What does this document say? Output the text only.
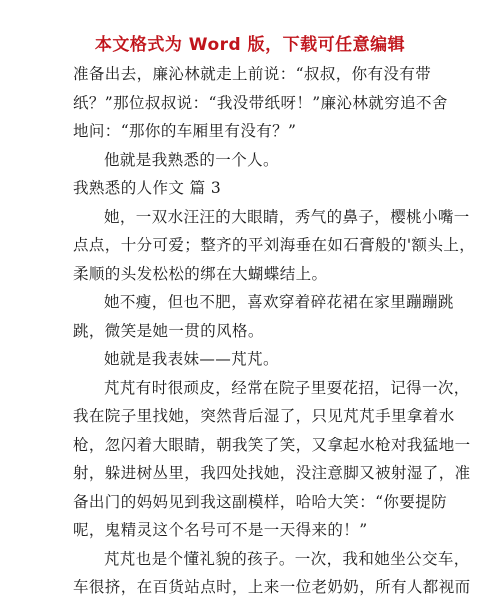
本文格式为 Word 版，下载可任意编辑
准备出去，廉沁林就走上前说：“叔叔，你有没有带
纸？”那位叔叔说：“我没带纸呀！”廉沁林就穷追不舍
地问：“那你的车厢里有没有？”
他就是我熟悉的一个人。
我熟悉的人作文 篇 3
她，一双水汪汪的大眼睛，秀气的鼻子，樱桃小嘴一
点点，十分可爱；整齐的平刘海垂在如石膏般的'额头上，
柔顺的头发松松的绑在大蝴蝶结上。
她不瘦，但也不肥，喜欢穿着碎花裙在家里蹦蹦跳
跳，微笑是她一贯的风格。
她就是我表妹——芃芃。
芃芃有时很顽皮，经常在院子里耍花招，记得一次，
我在院子里找她，突然背后湿了，只见芃芃手里拿着水
枪，忽闪着大眼睛，朝我笑了笑，又拿起水枪对我猛地一
射，躲进树丛里，我四处找她，没注意脚又被射湿了，准
备出门的妈妈见到我这副模样，哈哈大笑：“你要提防
呢，鬼精灵这个名号可不是一天得来的！”
芃芃也是个懂礼貌的孩子。一次，我和她坐公交车，
车很挤，在百货站点时，上来一位老奶奶，所有人都视而
